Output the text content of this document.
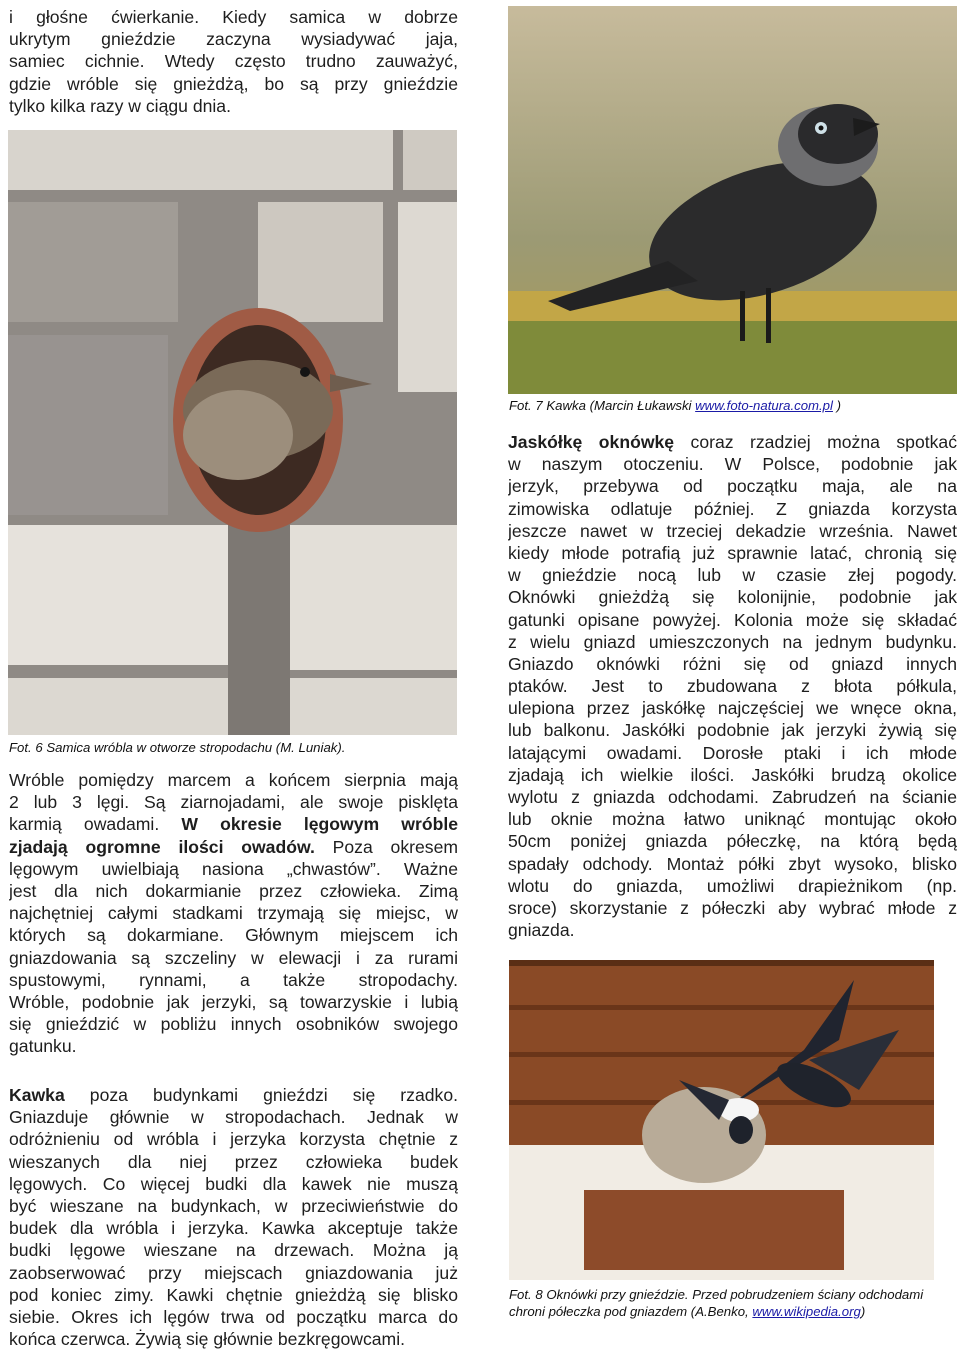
i głośne ćwierkanie. Kiedy samica w dobrze
ukrytym gnieździe zaczyna wysiadywać jaja,
samiec cichnie. Wtedy często trudno zauważyć,
gdzie wróble się gnieżdżą, bo są przy gnieździe
tylko kilka razy w ciągu dnia.
Fot. 6 Samica wróbla w otworze stropodachu (M. Luniak).
Wróble pomiędzy marcem a końcem sierpnia mają
2 lub 3 lęgi. Są ziarnojadami, ale swoje pisklęta
karmią owadami. W okresie lęgowym wróble
zjadają ogromne ilości owadów. Poza okresem
lęgowym uwielbiają nasiona „chwastów”. Ważne
jest dla nich dokarmianie przez człowieka. Zimą
najchętniej całymi stadkami trzymają się miejsc, w
których są dokarmiane. Głównym miejscem ich
gniazdowania są szczeliny w elewacji i za rurami
spustowymi, rynnami, a także stropodachy.
Wróble, podobnie jak jerzyki, są towarzyskie i lubią
się gnieździć w pobliżu innych osobników swojego
gatunku.
Kawka poza budynkami gnieździ się rzadko.
Gniazduje głównie w stropodachach. Jednak w
odróżnieniu od wróbla i jerzyka korzysta chętnie z
wieszanych dla niej przez człowieka budek
lęgowych. Co więcej budki dla kawek nie muszą
być wieszane na budynkach, w przeciwieństwie do
budek dla wróbla i jerzyka. Kawka akceptuje także
budki lęgowe wieszane na drzewach. Można ją
zaobserwować przy miejscach gniazdowania już
pod koniec zimy. Kawki chętnie gnieżdżą się blisko
siebie. Okres ich lęgów trwa od początku marca do
końca czerwca. Żywią się głównie bezkręgowcami.
Fot. 7 Kawka (Marcin Łukawski www.foto-natura.com.pl )
Jaskółkę oknówkę coraz rzadziej można spotkać
w naszym otoczeniu. W Polsce, podobnie jak
jerzyk, przebywa od początku maja, ale na
zimowiska odlatuje później. Z gniazda korzysta
jeszcze nawet w trzeciej dekadzie września. Nawet
kiedy młode potrafią już sprawnie latać, chronią się
w gnieździe nocą lub w czasie złej pogody.
Oknówki gnieżdżą się kolonijnie, podobnie jak
gatunki opisane powyżej. Kolonia może się składać
z wielu gniazd umieszczonych na jednym budynku.
Gniazdo oknówki różni się od gniazd innych
ptaków. Jest to zbudowana z błota półkula,
ulepiona przez jaskółkę najczęściej we wnęce okna,
lub balkonu. Jaskółki podobnie jak jerzyki żywią się
latającymi owadami. Dorosłe ptaki i ich młode
zjadają ich wielkie ilości. Jaskółki brudzą okolice
wylotu z gniazda odchodami. Zabrudzeń na ścianie
lub oknie można łatwo uniknąć montując około
50cm poniżej gniazda półeczkę, na którą będą
spadały odchody. Montaż półki zbyt wysoko, blisko
wlotu do gniazda, umożliwi drapieżnikom (np.
sroce) skorzystanie z półeczki aby wybrać młode z
gniazda.
Fot. 8 Oknówki przy gnieździe. Przed pobrudzeniem ściany odchodami
chroni półeczka pod gniazdem (A.Benko, www.wikipedia.org)
